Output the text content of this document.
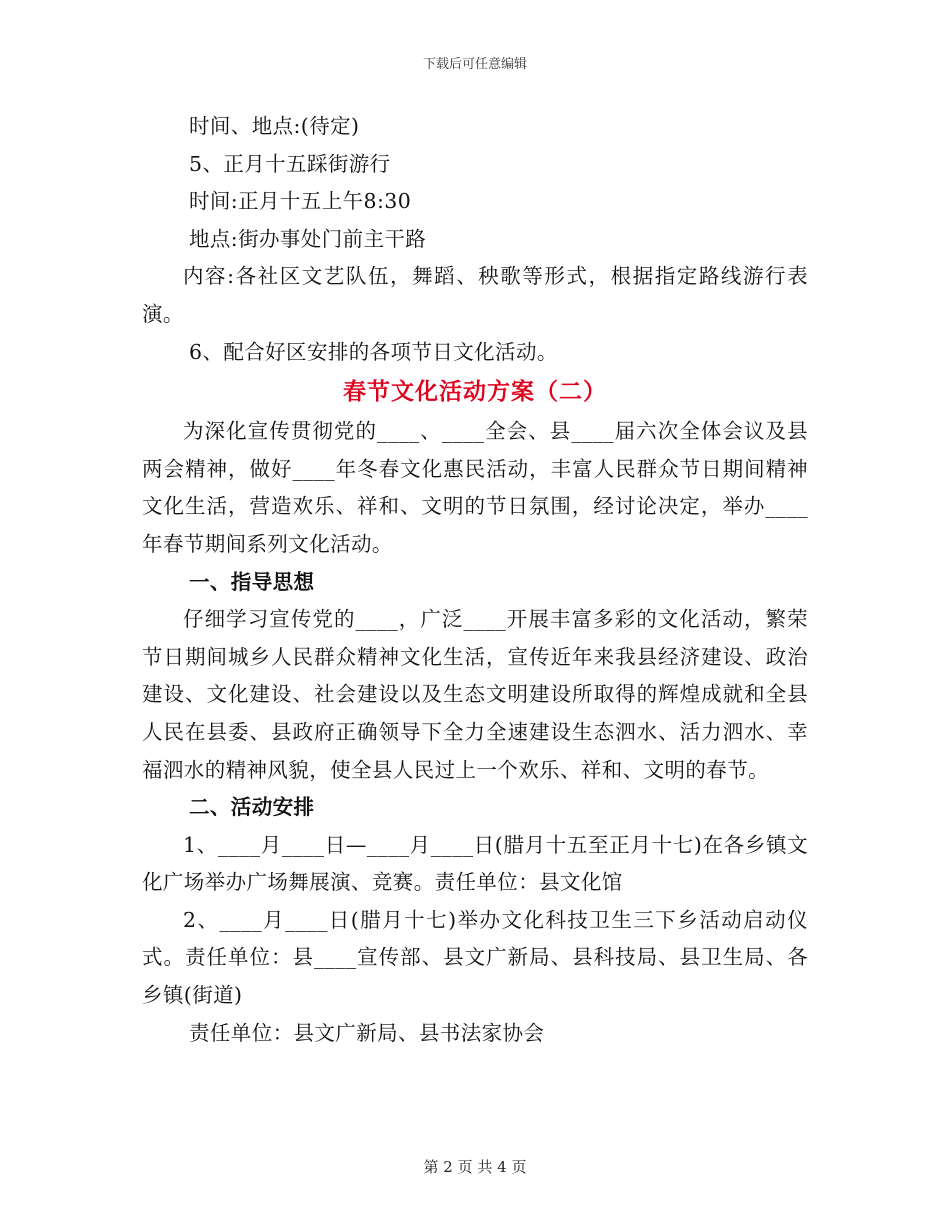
下载后可任意编辑
时间、地点:(待定)
5、正月十五踩街游行
时间:正月十五上午8:30
地点:街办事处门前主干路
内容:各社区文艺队伍，舞蹈、秧歌等形式，根据指定路线游行表演。
6、配合好区安排的各项节日文化活动。
春节文化活动方案（二）
为深化宣传贯彻党的____、____全会、县____届六次全体会议及县两会精神，做好____年冬春文化惠民活动，丰富人民群众节日期间精神文化生活，营造欢乐、祥和、文明的节日氛围，经讨论决定，举办____年春节期间系列文化活动。
一、指导思想
仔细学习宣传党的____，广泛____开展丰富多彩的文化活动，繁荣节日期间城乡人民群众精神文化生活，宣传近年来我县经济建设、政治建设、文化建设、社会建设以及生态文明建设所取得的辉煌成就和全县人民在县委、县政府正确领导下全力全速建设生态泗水、活力泗水、幸福泗水的精神风貌，使全县人民过上一个欢乐、祥和、文明的春节。
二、活动安排
1、____月____日—____月____日(腊月十五至正月十七)在各乡镇文化广场举办广场舞展演、竞赛。责任单位：县文化馆
2、____月____日(腊月十七)举办文化科技卫生三下乡活动启动仪式。责任单位：县____宣传部、县文广新局、县科技局、县卫生局、各乡镇(街道)
责任单位：县文广新局、县书法家协会
第 2 页 共 4 页
